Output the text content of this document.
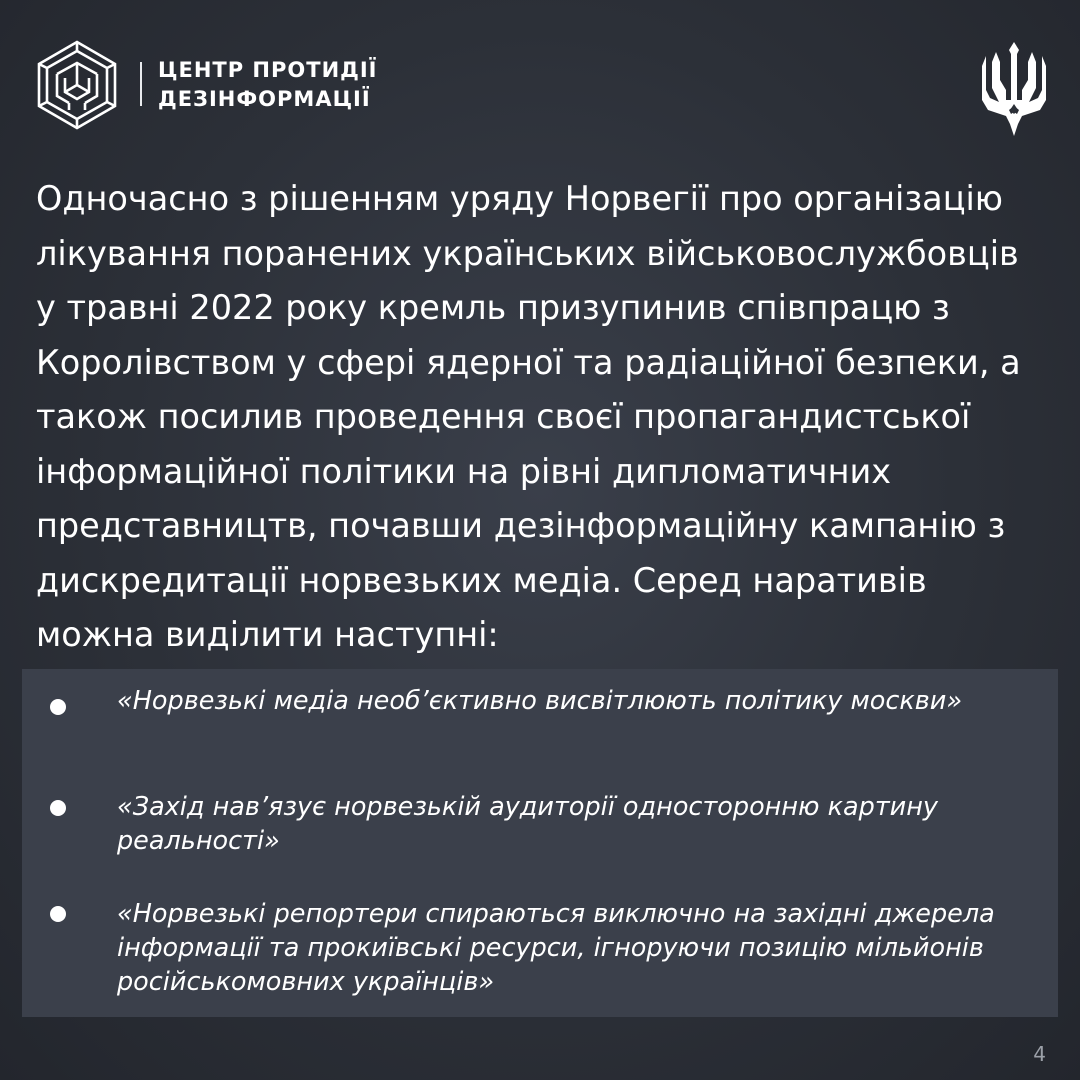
ЦЕНТР ПРОТИДІЇ
ДЕЗІНФОРМАЦІЇ

Одночасно з рішенням уряду Норвегії про організацію лікування поранених українських військовослужбовців у травні 2022 року кремль призупинив співпрацю з Королівством у сфері ядерної та радіаційної безпеки, а також посилив проведення своєї пропагандистської інформаційної політики на рівні дипломатичних представництв, почавши дезінформаційну кампанію з дискредитації норвезьких медіа. Серед наративів можна виділити наступні:

«Норвезькі медіа необ’єктивно висвітлюють політику москви»
«Захід нав’язує норвезькій аудиторії односторонню картину реальності»
«Норвезькі репортери спираються виключно на західні джерела інформації та прокиївські ресурси, ігноруючи позицію мільйонів російськомовних українців»
4
